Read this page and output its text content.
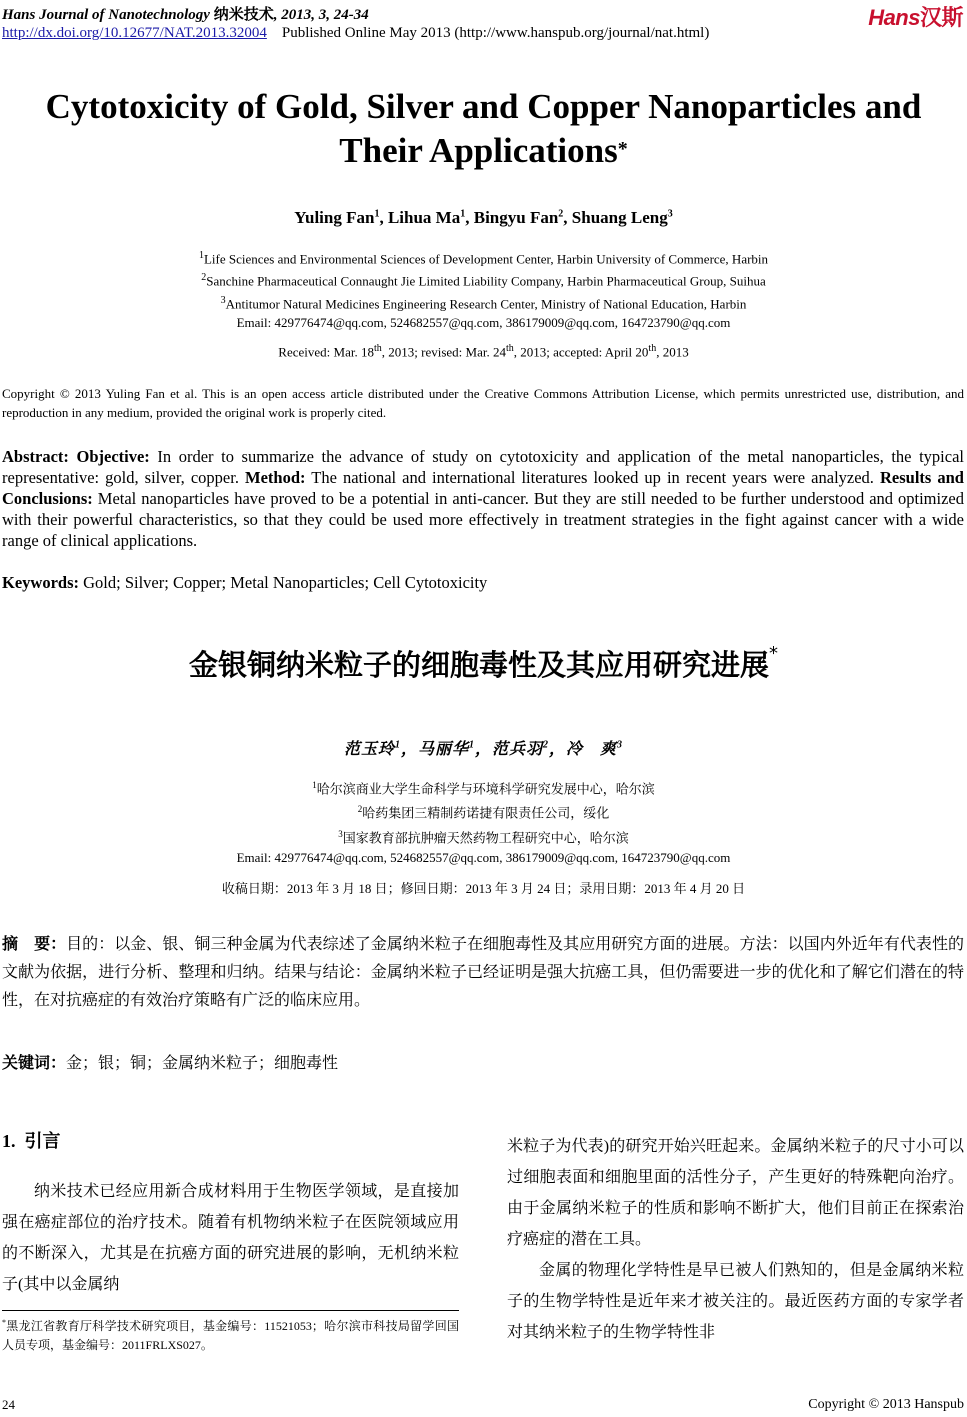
Hans Journal of Nanotechnology 纳米技术, 2013, 3, 24-34
http://dx.doi.org/10.12677/NAT.2013.32004 Published Online May 2013 (http://www.hanspub.org/journal/nat.html)
Hans汉斯
Cytotoxicity of Gold, Silver and Copper Nanoparticles and
Their Applications*
Yuling Fan$^1$, Lihua Ma$^1$, Bingyu Fan$^2$, Shuang Leng$^3$
$^1$Life Sciences and Environmental Sciences of Development Center, Harbin University of Commerce, Harbin
$^2$Sanchine Pharmaceutical Connaught Jie Limited Liability Company, Harbin Pharmaceutical Group, Suihua
$^3$Antitumor Natural Medicines Engineering Research Center, Ministry of National Education, Harbin
Email: 429776474@qq.com, 524682557@qq.com, 386179009@qq.com, 164723790@qq.com
Received: Mar. 18th, 2013; revised: Mar. 24th, 2013; accepted: April 20th, 2013
Copyright © 2013 Yuling Fan et al. This is an open access article distributed under the Creative Commons Attribution License, which permits unrestricted use, distribution, and reproduction in any medium, provided the original work is properly cited.
Abstract: Objective: In order to summarize the advance of study on cytotoxicity and application of the metal nanoparticles, the typical representative: gold, silver, copper. Method: The national and international literatures looked up in recent years were analyzed. Results and Conclusions: Metal nanoparticles have proved to be a potential in anti-cancer. But they are still needed to be further understood and optimized with their powerful characteristics, so that they could be used more effectively in treatment strategies in the fight against cancer with a wide range of clinical applications.
Keywords: Gold; Silver; Copper; Metal Nanoparticles; Cell Cytotoxicity
金银铜纳米粒子的细胞毒性及其应用研究进展*
范玉玲$^1$，马丽华$^1$，范兵羽$^2$，冷　爽$^3$
$^1$哈尔滨商业大学生命科学与环境科学研究发展中心，哈尔滨
$^2$哈药集团三精制药诺捷有限责任公司，绥化
$^3$国家教育部抗肿瘤天然药物工程研究中心，哈尔滨
Email: 429776474@qq.com, 524682557@qq.com, 386179009@qq.com, 164723790@qq.com
收稿日期：2013 年 3 月 18 日；修回日期：2013 年 3 月 24 日；录用日期：2013 年 4 月 20 日
摘　要：目的：以金、银、铜三种金属为代表综述了金属纳米粒子在细胞毒性及其应用研究方面的进展。方法：以国内外近年有代表性的文献为依据，进行分析、整理和归纳。结果与结论：金属纳米粒子已经证明是强大抗癌工具，但仍需要进一步的优化和了解它们潜在的特性，在对抗癌症的有效治疗策略有广泛的临床应用。
关键词：金；银；铜；金属纳米粒子；细胞毒性
1. 引言
纳米技术已经应用新合成材料用于生物医学领域，是直接加强在癌症部位的治疗技术。随着有机物纳米粒子在医院领域应用的不断深入，尤其是在抗癌方面的研究进展的影响，无机纳米粒子(其中以金属纳
米粒子为代表)的研究开始兴旺起来。金属纳米粒子的尺寸小可以过细胞表面和细胞里面的活性分子，产生更好的特殊靶向治疗。由于金属纳米粒子的性质和影响不断扩大，他们目前正在探索治疗癌症的潜在工具。
金属的物理化学特性是早已被人们熟知的，但是金属纳米粒子的生物学特性是近年来才被关注的。最近医药方面的专家学者对其纳米粒子的生物学特性非
*黑龙江省教育厅科学技术研究项目，基金编号：11521053；哈尔滨市科技局留学回国人员专项，基金编号：2011FRLXS027。
24	Copyright © 2013 Hanspub
